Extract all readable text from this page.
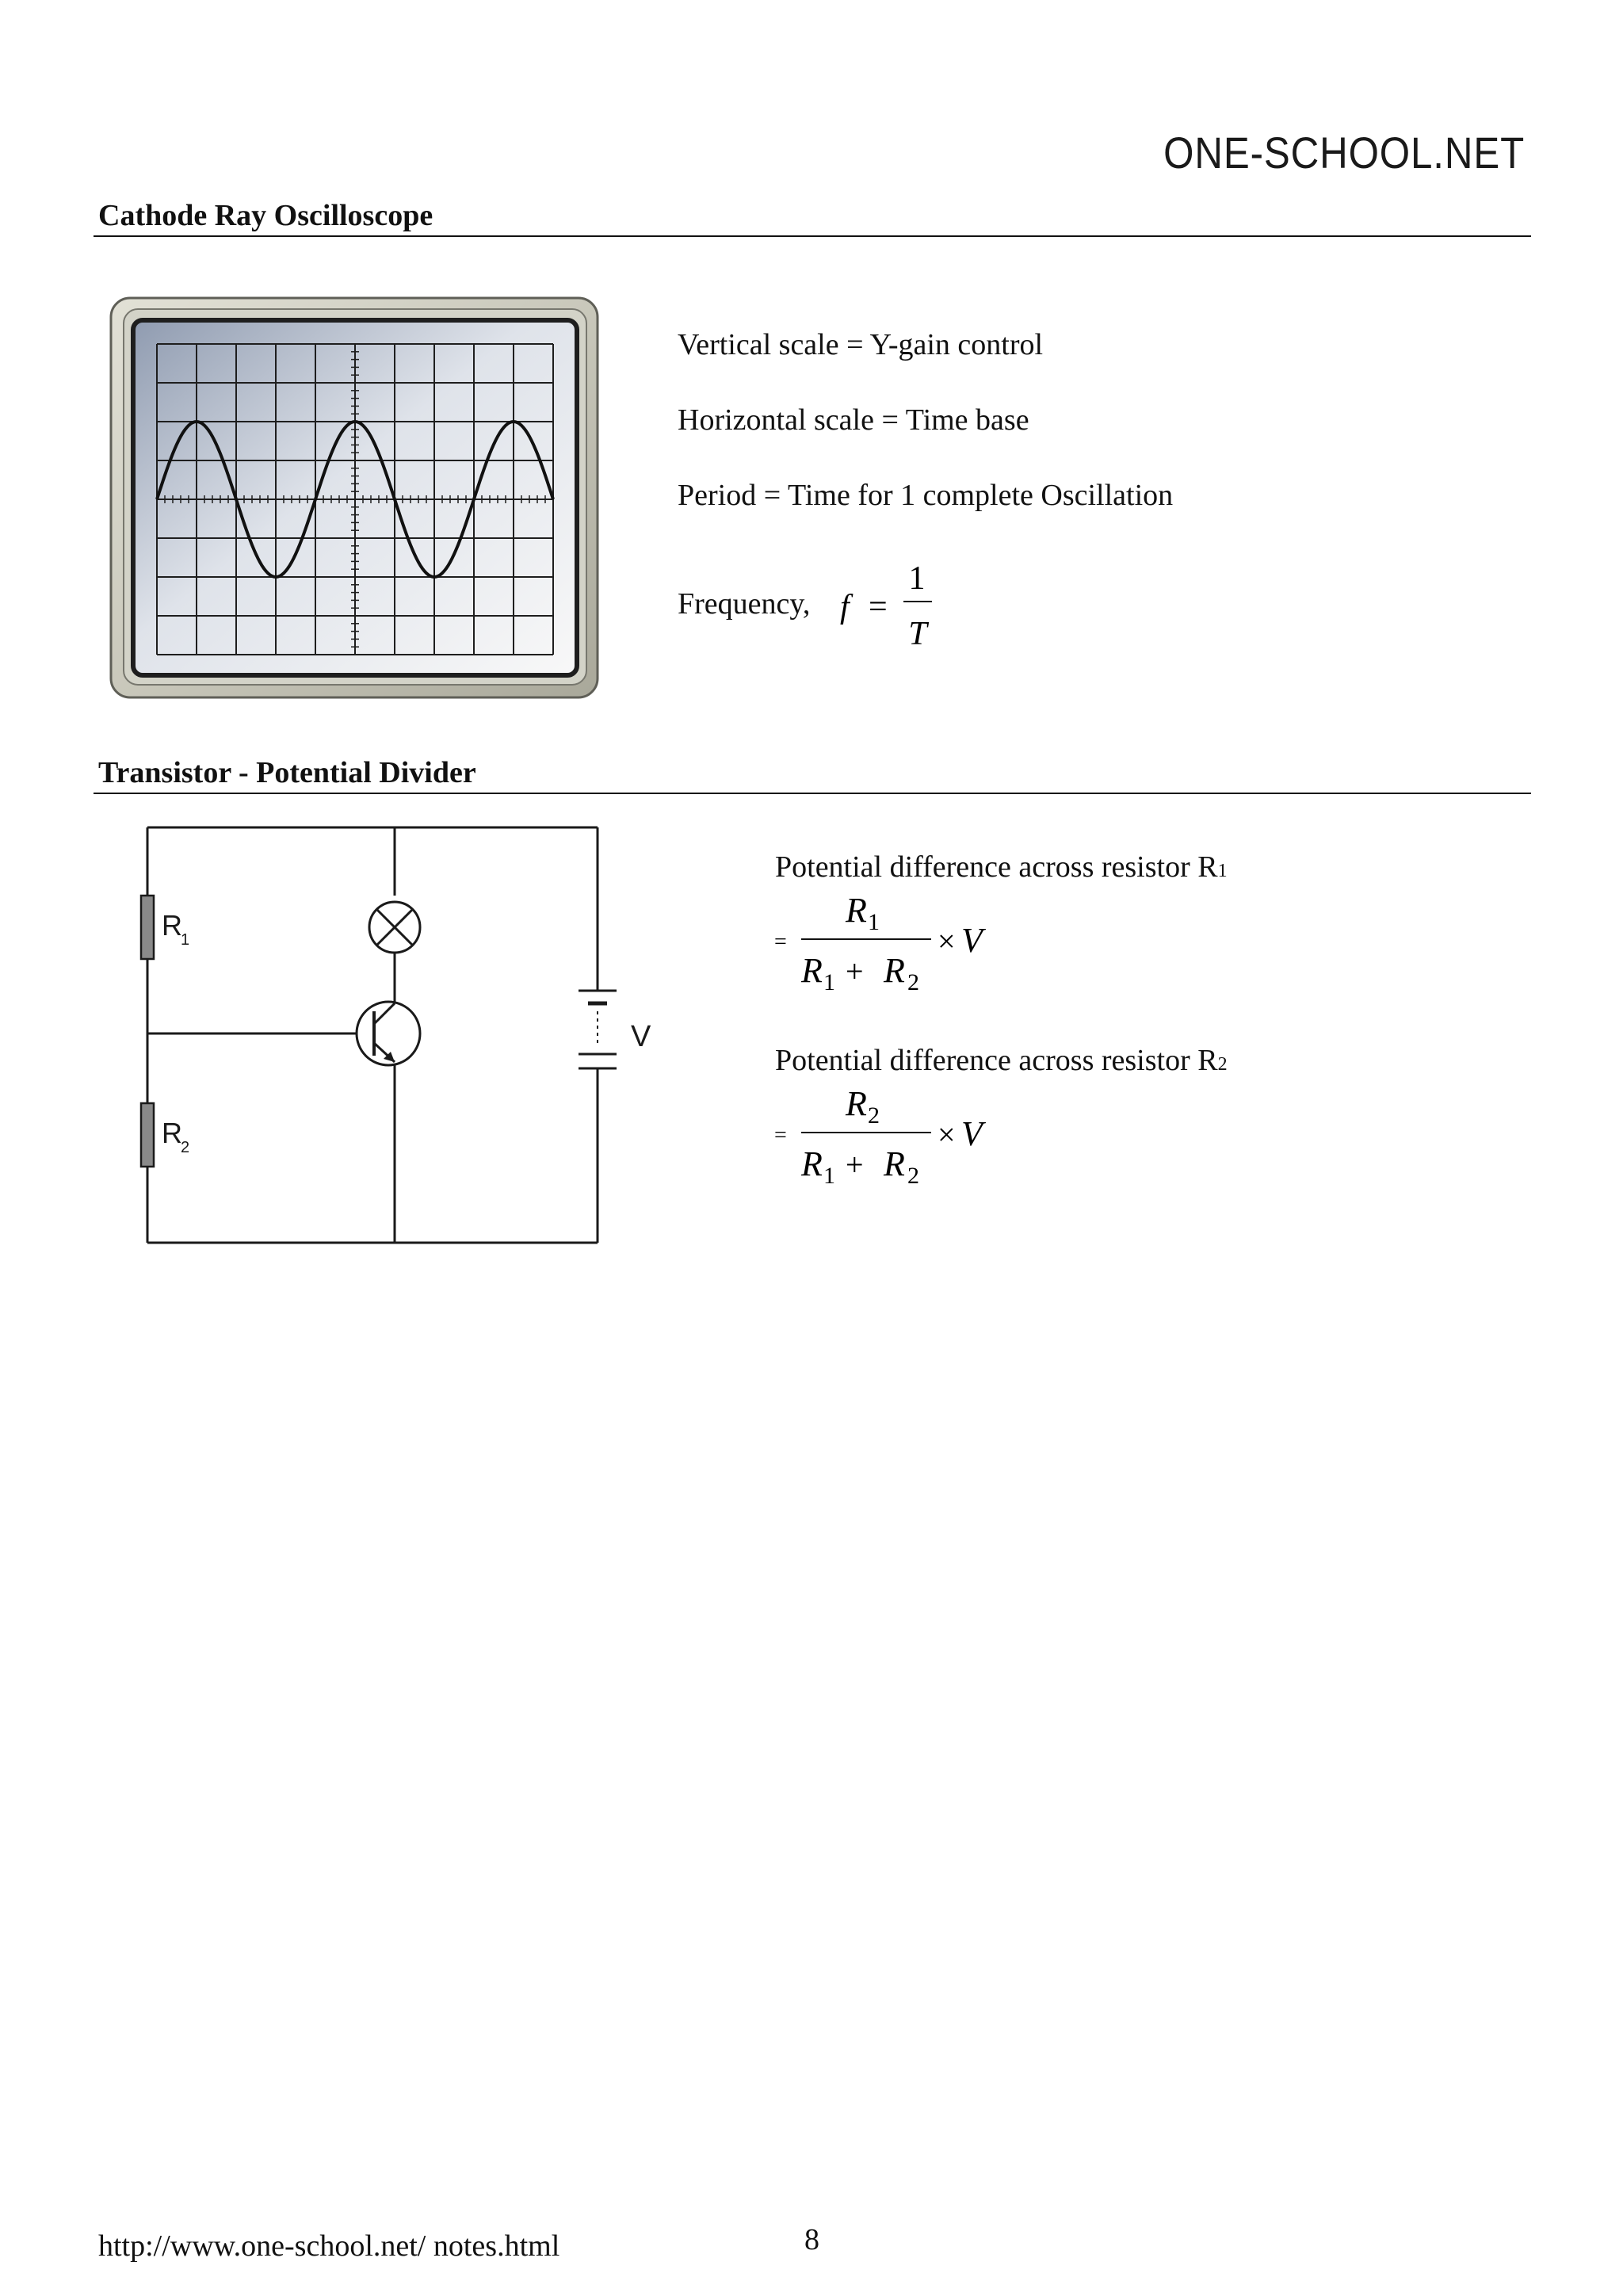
ONE-SCHOOL.NET
Cathode Ray Oscilloscope
Vertical scale = Y-gain control
Horizontal scale = Time base
Period = Time for 1 complete Oscillation
Frequency, f =
1
T
Transistor - Potential Divider
R
1
R
2
V
Potential difference across resistor R1
=
R 1
R 1 + R 2
× V
Potential difference across resistor R2
=
R 2
R 1 + R 2
× V
http://www.one-school.net/ notes.html	8
